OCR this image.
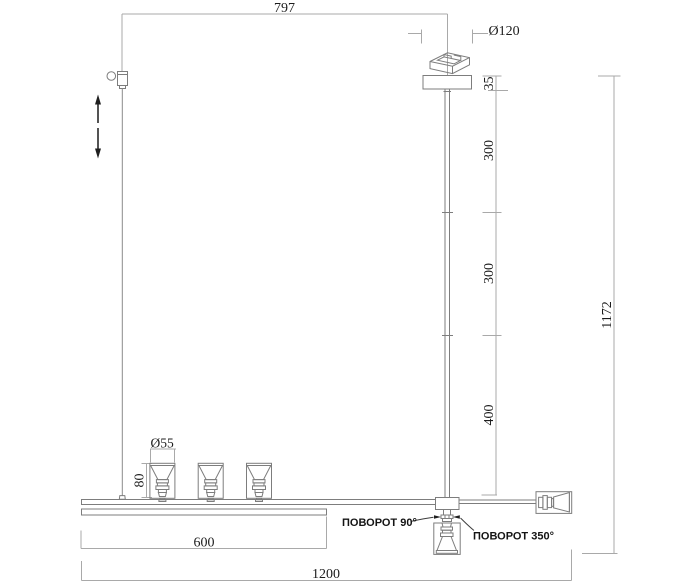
797
Ø120
35
300
300
400
1172
Ø55
80
600
1200
ПОВОРОТ 90°
ПОВОРОТ 350°
